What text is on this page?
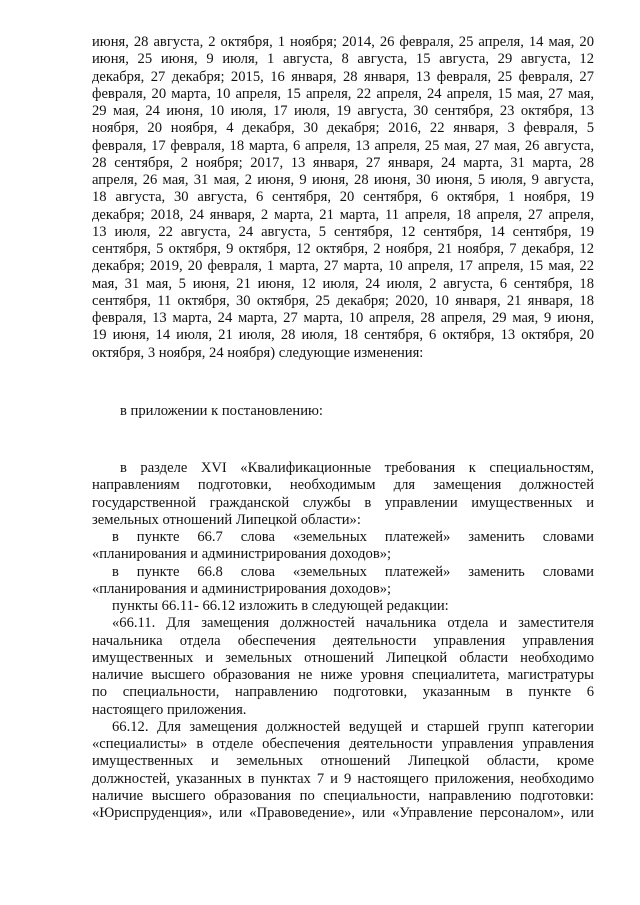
июня, 28 августа, 2 октября, 1 ноября; 2014, 26 февраля, 25 апреля, 14 мая, 20
июня, 25 июня, 9 июля, 1 августа, 8 августа, 15 августа, 29 августа, 12
декабря, 27 декабря; 2015, 16 января, 28 января, 13 февраля, 25 февраля, 27
февраля, 20 марта, 10 апреля, 15 апреля, 22 апреля, 24 апреля, 15 мая, 27 мая,
29 мая, 24 июня, 10 июля, 17 июля, 19 августа, 30 сентября, 23 октября, 13
ноября, 20 ноября, 4 декабря, 30 декабря; 2016, 22 января, 3 февраля, 5
февраля, 17 февраля, 18 марта, 6 апреля, 13 апреля, 25 мая, 27 мая, 26 августа,
28 сентября, 2 ноября; 2017, 13 января, 27 января, 24 марта, 31 марта, 28
апреля, 26 мая, 31 мая, 2 июня, 9 июня, 28 июня, 30 июня, 5 июля, 9 августа,
18 августа, 30 августа, 6 сентября, 20 сентября, 6 октября, 1 ноября, 19
декабря; 2018, 24 января, 2 марта, 21 марта, 11 апреля, 18 апреля, 27 апреля,
13 июля, 22 августа, 24 августа, 5 сентября, 12 сентября, 14 сентября, 19
сентября, 5 октября, 9 октября, 12 октября, 2 ноября, 21 ноября, 7 декабря, 12
декабря; 2019, 20 февраля, 1 марта, 27 марта, 10 апреля, 17 апреля, 15 мая, 22
мая, 31 мая, 5 июня, 21 июня, 12 июля, 24 июля, 2 августа, 6 сентября, 18
сентября, 11 октября, 30 октября, 25 декабря; 2020, 10 января, 21 января, 18
февраля, 13 марта, 24 марта, 27 марта, 10 апреля, 28 апреля, 29 мая, 9 июня,
19 июня, 14 июля, 21 июля, 28 июля, 18 сентября, 6 октября, 13 октября, 20
октября, 3 ноября, 24 ноября) следующие изменения:
в приложении к постановлению:
в разделе XVI «Квалификационные требования к специальностям,
направлениям подготовки, необходимым для замещения должностей
государственной гражданской службы в управлении имущественных и
земельных отношений Липецкой области»:
в пункте 66.7 слова «земельных платежей» заменить словами
«планирования и администрирования доходов»;
в пункте 66.8 слова «земельных платежей» заменить словами
«планирования и администрирования доходов»;
пункты 66.11- 66.12 изложить в следующей редакции:
«66.11. Для замещения должностей начальника отдела и заместителя
начальника отдела обеспечения деятельности управления управления
имущественных и земельных отношений Липецкой области необходимо
наличие высшего образования не ниже уровня специалитета, магистратуры
по специальности, направлению подготовки, указанным в пункте 6
настоящего приложения.
66.12. Для замещения должностей ведущей и старшей групп категории
«специалисты» в отделе обеспечения деятельности управления управления
имущественных и земельных отношений Липецкой области, кроме
должностей, указанных в пунктах 7 и 9 настоящего приложения, необходимо
наличие высшего образования по специальности, направлению подготовки:
«Юриспруденция», или «Правоведение», или «Управление персоналом», или
